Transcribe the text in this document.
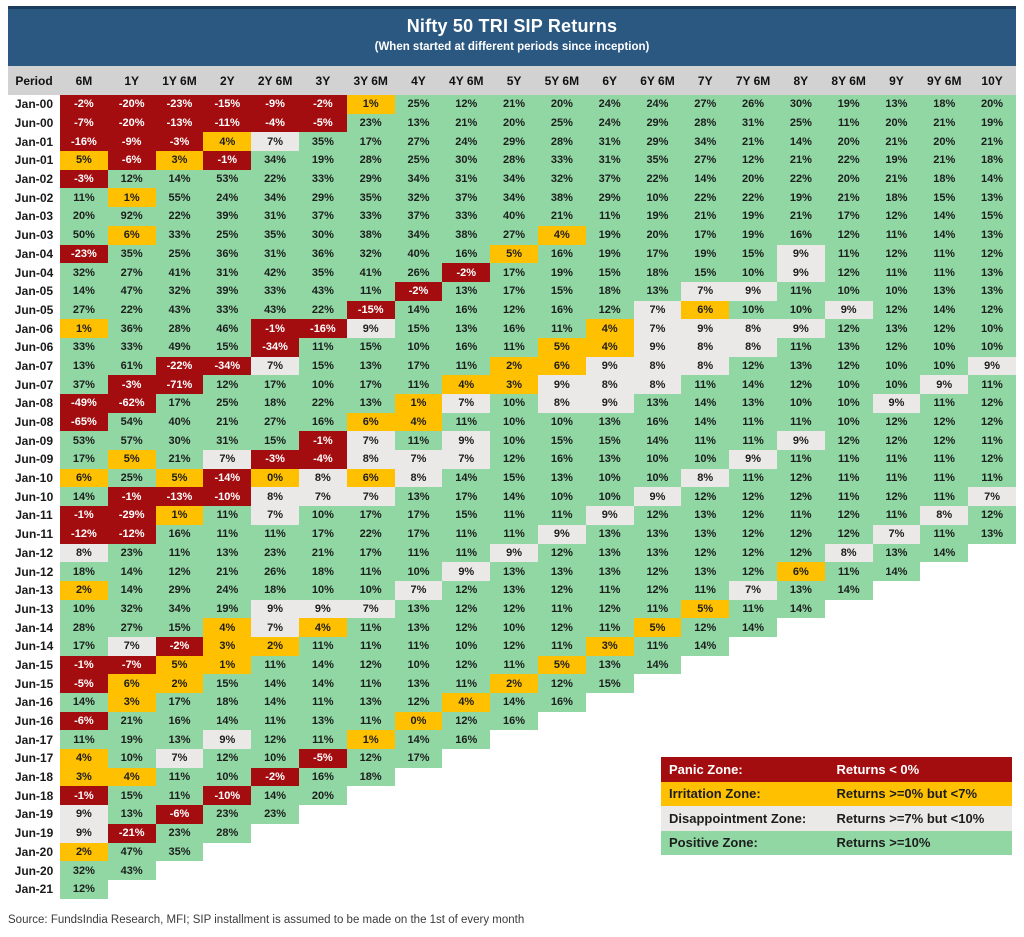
Nifty 50 TRI SIP Returns
(When started at different periods since inception)
Period	6M	1Y	1Y 6M	2Y	2Y 6M	3Y	3Y 6M	4Y	4Y 6M	5Y	5Y 6M	6Y	6Y 6M	7Y	7Y 6M	8Y	8Y 6M	9Y	9Y 6M	10Y
Jan-00	-2%	-20%	-23%	-15%	-9%	-2%	1%	25%	12%	21%	20%	24%	24%	27%	26%	30%	19%	13%	18%	20%
Jun-00	-7%	-20%	-13%	-11%	-4%	-5%	23%	13%	21%	20%	25%	24%	29%	28%	31%	25%	11%	20%	21%	19%
Jan-01	-16%	-9%	-3%	4%	7%	35%	17%	27%	24%	29%	28%	31%	29%	34%	21%	14%	20%	21%	20%	21%
Jun-01	5%	-6%	3%	-1%	34%	19%	28%	25%	30%	28%	33%	31%	35%	27%	12%	21%	22%	19%	21%	18%
Jan-02	-3%	12%	14%	53%	22%	33%	29%	34%	31%	34%	32%	37%	22%	14%	20%	22%	20%	21%	18%	14%
Jun-02	11%	1%	55%	24%	34%	29%	35%	32%	37%	34%	38%	29%	10%	22%	22%	19%	21%	18%	15%	13%
Jan-03	20%	92%	22%	39%	31%	37%	33%	37%	33%	40%	21%	11%	19%	21%	19%	21%	17%	12%	14%	15%
Jun-03	50%	6%	33%	25%	35%	30%	38%	34%	38%	27%	4%	19%	20%	17%	19%	16%	12%	11%	14%	13%
Jan-04	-23%	35%	25%	36%	31%	36%	32%	40%	16%	5%	16%	19%	17%	19%	15%	9%	11%	12%	11%	12%
Jun-04	32%	27%	41%	31%	42%	35%	41%	26%	-2%	17%	19%	15%	18%	15%	10%	9%	12%	11%	11%	13%
Jan-05	14%	47%	32%	39%	33%	43%	11%	-2%	13%	17%	15%	18%	13%	7%	9%	11%	10%	10%	13%	13%
Jun-05	27%	22%	43%	33%	43%	22%	-15%	14%	16%	12%	16%	12%	7%	6%	10%	10%	9%	12%	14%	12%
Jan-06	1%	36%	28%	46%	-1%	-16%	9%	15%	13%	16%	11%	4%	7%	9%	8%	9%	12%	13%	12%	10%
Jun-06	33%	33%	49%	15%	-34%	11%	15%	10%	16%	11%	5%	4%	9%	8%	8%	11%	13%	12%	10%	10%
Jan-07	13%	61%	-22%	-34%	7%	15%	13%	17%	11%	2%	6%	9%	8%	8%	12%	13%	12%	10%	10%	9%
Jun-07	37%	-3%	-71%	12%	17%	10%	17%	11%	4%	3%	9%	8%	8%	11%	14%	12%	10%	10%	9%	11%
Jan-08	-49%	-62%	17%	25%	18%	22%	13%	1%	7%	10%	8%	9%	13%	14%	13%	10%	10%	9%	11%	12%
Jun-08	-65%	54%	40%	21%	27%	16%	6%	4%	11%	10%	10%	13%	16%	14%	11%	11%	10%	12%	12%	12%
Jan-09	53%	57%	30%	31%	15%	-1%	7%	11%	9%	10%	15%	15%	14%	11%	11%	9%	12%	12%	12%	11%
Jun-09	17%	5%	21%	7%	-3%	-4%	8%	7%	7%	12%	16%	13%	10%	10%	9%	11%	11%	11%	11%	12%
Jan-10	6%	25%	5%	-14%	0%	8%	6%	8%	14%	15%	13%	10%	10%	8%	11%	12%	11%	11%	11%	11%
Jun-10	14%	-1%	-13%	-10%	8%	7%	7%	13%	17%	14%	10%	10%	9%	12%	12%	12%	11%	12%	11%	7%
Jan-11	-1%	-29%	1%	11%	7%	10%	17%	17%	15%	11%	11%	9%	12%	13%	12%	11%	12%	11%	8%	12%
Jun-11	-12%	-12%	16%	11%	11%	17%	22%	17%	11%	11%	9%	13%	13%	13%	12%	12%	12%	7%	11%	13%
Jan-12	8%	23%	11%	13%	23%	21%	17%	11%	11%	9%	12%	13%	13%	12%	12%	12%	8%	13%	14%	
Jun-12	18%	14%	12%	21%	26%	18%	11%	10%	9%	13%	13%	13%	12%	13%	12%	6%	11%	14%		
Jan-13	2%	14%	29%	24%	18%	10%	10%	7%	12%	13%	12%	11%	12%	11%	7%	13%	14%			
Jun-13	10%	32%	34%	19%	9%	9%	7%	13%	12%	12%	11%	12%	11%	5%	11%	14%				
Jan-14	28%	27%	15%	4%	7%	4%	11%	13%	12%	10%	12%	11%	5%	12%	14%					
Jun-14	17%	7%	-2%	3%	2%	11%	11%	11%	10%	12%	11%	3%	11%	14%						
Jan-15	-1%	-7%	5%	1%	11%	14%	12%	10%	12%	11%	5%	13%	14%							
Jun-15	-5%	6%	2%	15%	14%	14%	11%	13%	11%	2%	12%	15%								
Jan-16	14%	3%	17%	18%	14%	11%	13%	12%	4%	14%	16%									
Jun-16	-6%	21%	16%	14%	11%	13%	11%	0%	12%	16%										
Jan-17	11%	19%	13%	9%	12%	11%	1%	14%	16%											
Jun-17	4%	10%	7%	12%	10%	-5%	12%	17%												
Jan-18	3%	4%	11%	10%	-2%	16%	18%													
Jun-18	-1%	15%	11%	-10%	14%	20%														
Jan-19	9%	13%	-6%	23%	23%															
Jun-19	9%	-21%	23%	28%																
Jan-20	2%	47%	35%																	
Jun-20	32%	43%																		
Jan-21	12%																			
Panic Zone:	Returns < 0%
Irritation Zone:	Returns >=0% but <7%
Disappointment Zone:	Returns >=7% but <10%
Positive Zone:	Returns >=10%
Source: FundsIndia Research, MFI; SIP installment is assumed to be made on the 1st of every month
